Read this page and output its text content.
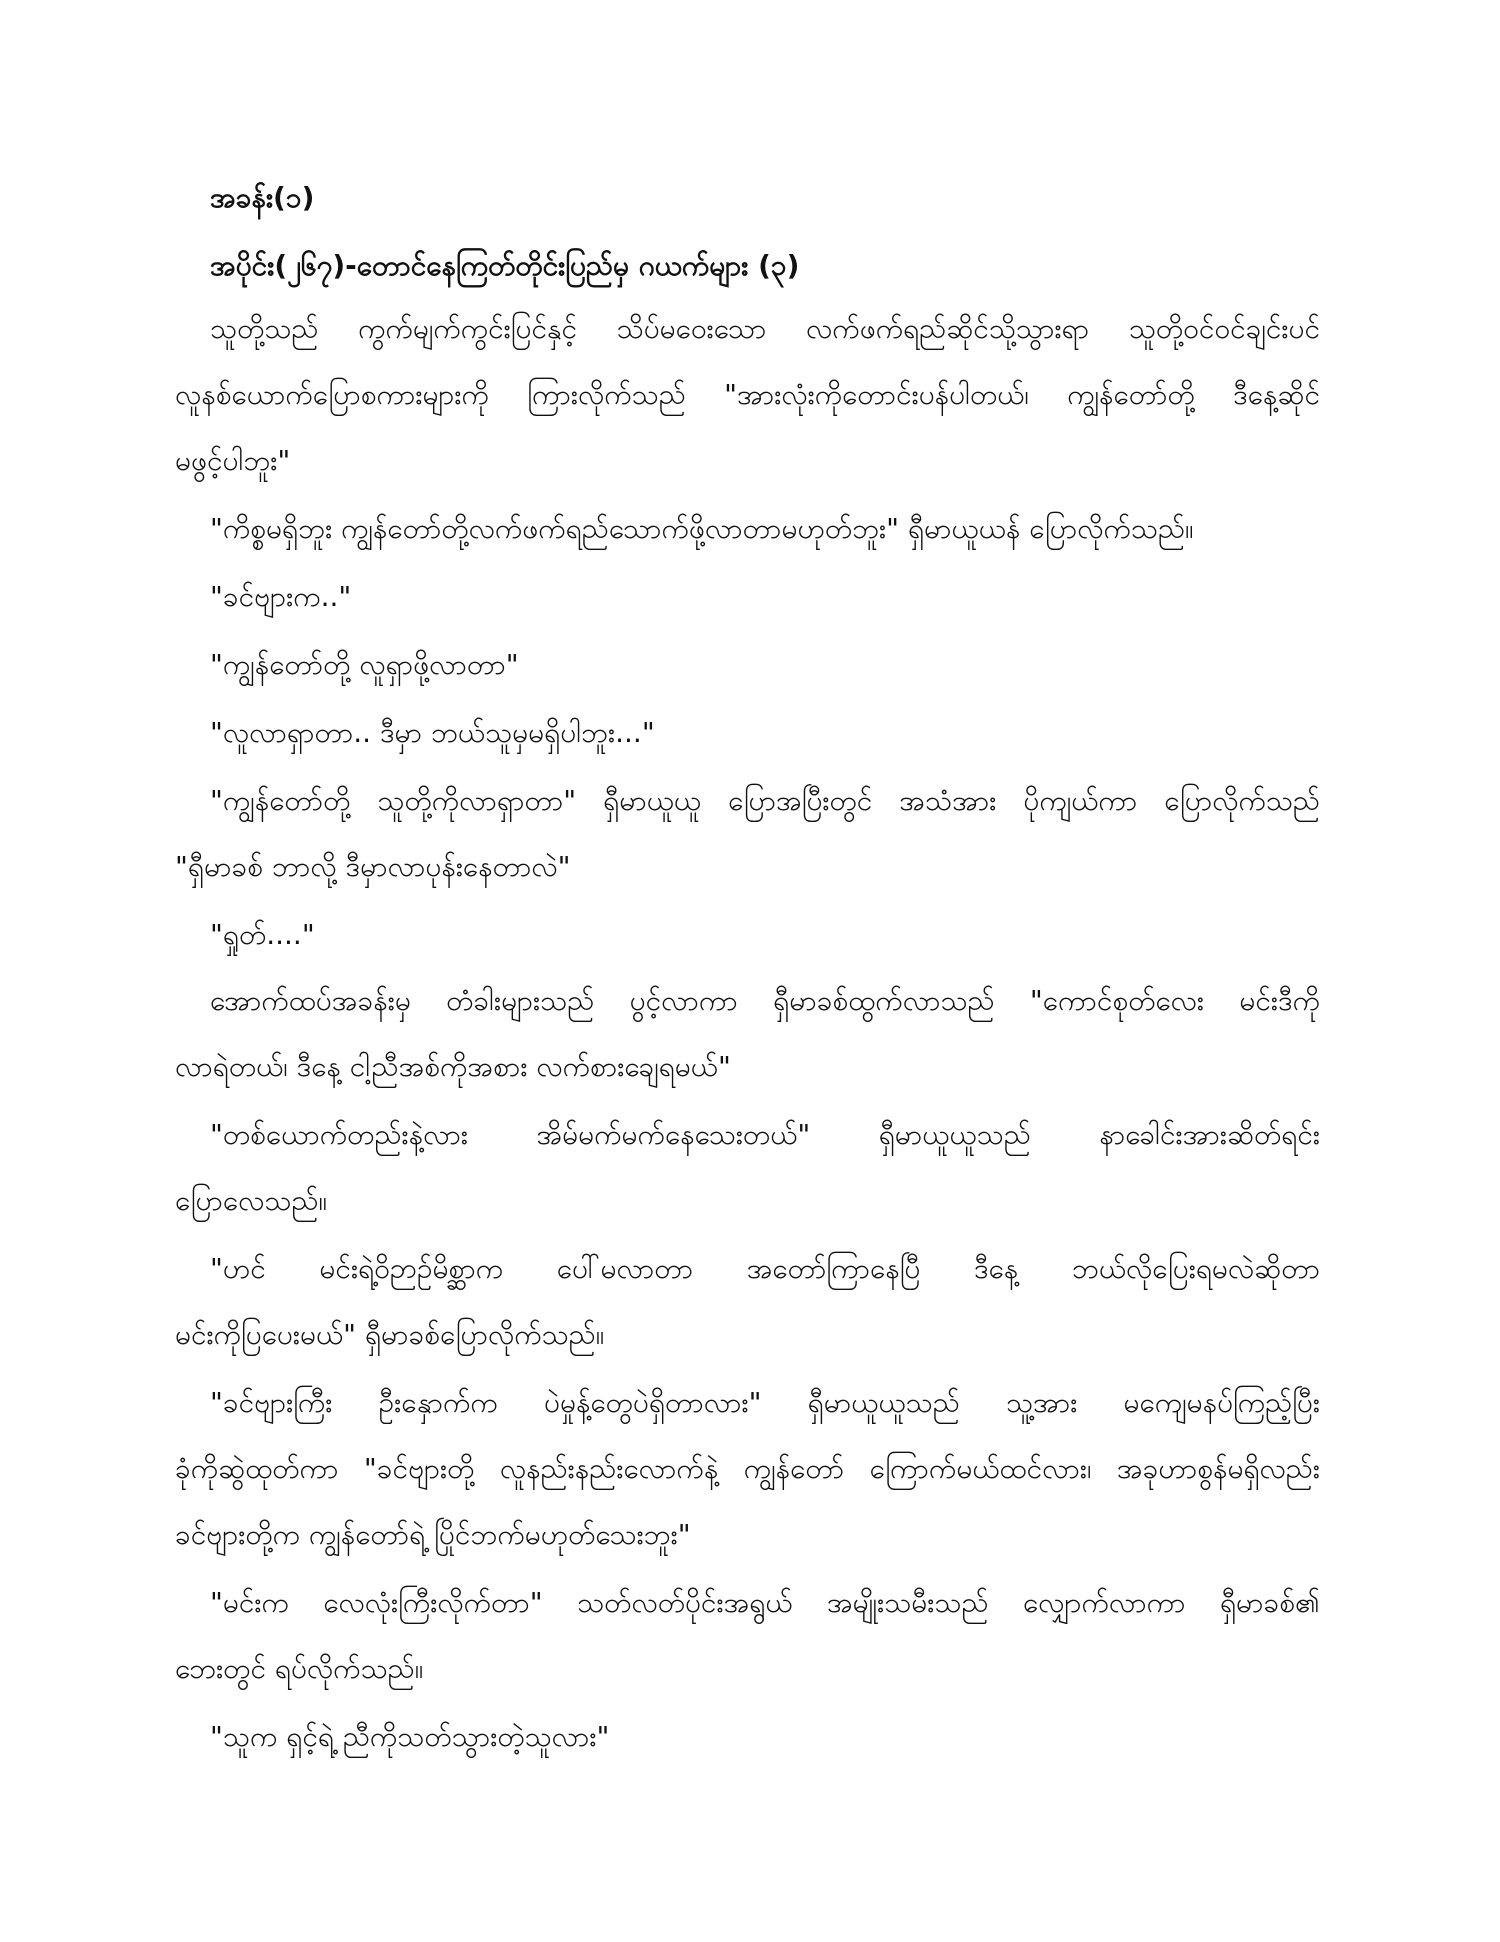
အခန်း(၁)
အပိုင်း(၂၆၇)-တောင်နေကြတ်တိုင်းပြည်မှ ဂယက်များ (၃)
သူတို့သည် ကွက်မျက်ကွင်းပြင်နှင့် သိပ်မဝေးသော လက်ဖက်ရည်ဆိုင်သို့သွားရာ သူတို့ဝင်ဝင်ချင်းပင်
လူနစ်ယောက်ပြောစကားများကို ကြားလိုက်သည် "အားလုံးကိုတောင်းပန်ပါတယ်၊ ကျွန်တော်တို့ ဒီနေ့ဆိုင်
မဖွင့်ပါဘူး"
"ကိစ္စမရှိဘူး ကျွန်တော်တို့လက်ဖက်ရည်သောက်ဖို့လာတာမဟုတ်ဘူး" ရှီမာယူယန် ပြောလိုက်သည်။
"ခင်ဗျားက.."
"ကျွန်တော်တို့ လူရှာဖို့လာတာ"
"လူလာရှာတာ.. ဒီမှာ ဘယ်သူမှမရှိပါဘူး..."
"ကျွန်တော်တို့ သူတို့ကိုလာရှာတာ" ရှီမာယူယူ ပြောအပြီးတွင် အသံအား ပိုကျယ်ကာ ပြောလိုက်သည်
"ရှီမာခစ် ဘာလို့ ဒီမှာလာပုန်းနေတာလဲ"
"ရှုတ်...."
အောက်ထပ်အခန်းမှ တံခါးများသည် ပွင့်လာကာ ရှီမာခစ်ထွက်လာသည် "ကောင်စုတ်လေး မင်းဒီကို
လာရဲတယ်၊ ဒီနေ့ ငါ့ညီအစ်ကိုအစား လက်စားချေရမယ်"
"တစ်ယောက်တည်းနဲ့လား အိမ်မက်မက်နေသေးတယ်" ရှီမာယူယူသည် နာခေါင်းအားဆိတ်ရင်း
ပြောလေသည်။
"ဟင် မင်းရဲ့ဝိဉာဉ်မိစ္ဆာက ပေါ်မလာတာ အတော်ကြာနေပြီ ဒီနေ့ ဘယ်လိုပြေးရမလဲဆိုတာ
မင်းကိုပြပေးမယ်" ရှီမာခစ်ပြောလိုက်သည်။
"ခင်ဗျားကြီး ဦးနှောက်က ပဲမှုန့်တွေပဲရှိတာလား" ရှီမာယူယူသည် သူ့အား မကျေမနပ်ကြည့်ပြီး
ခုံကိုဆွဲထုတ်ကာ "ခင်ဗျားတို့ လူနည်းနည်းလောက်နဲ့ ကျွန်တော် ကြောက်မယ်ထင်လား၊ အခုဟာစွန်မရှိလည်း
ခင်ဗျားတို့က ကျွန်တော်ရဲ့ ပြိုင်ဘက်မဟုတ်သေးဘူး"
"မင်းက လေလုံးကြီးလိုက်တာ" သတ်လတ်ပိုင်းအရွယ် အမျိုးသမီးသည် လျှောက်လာကာ ရှီမာခစ်၏
ဘေးတွင် ရပ်လိုက်သည်။
"သူက ရှင့်ရဲ့ ညီကိုသတ်သွားတဲ့သူလား"
